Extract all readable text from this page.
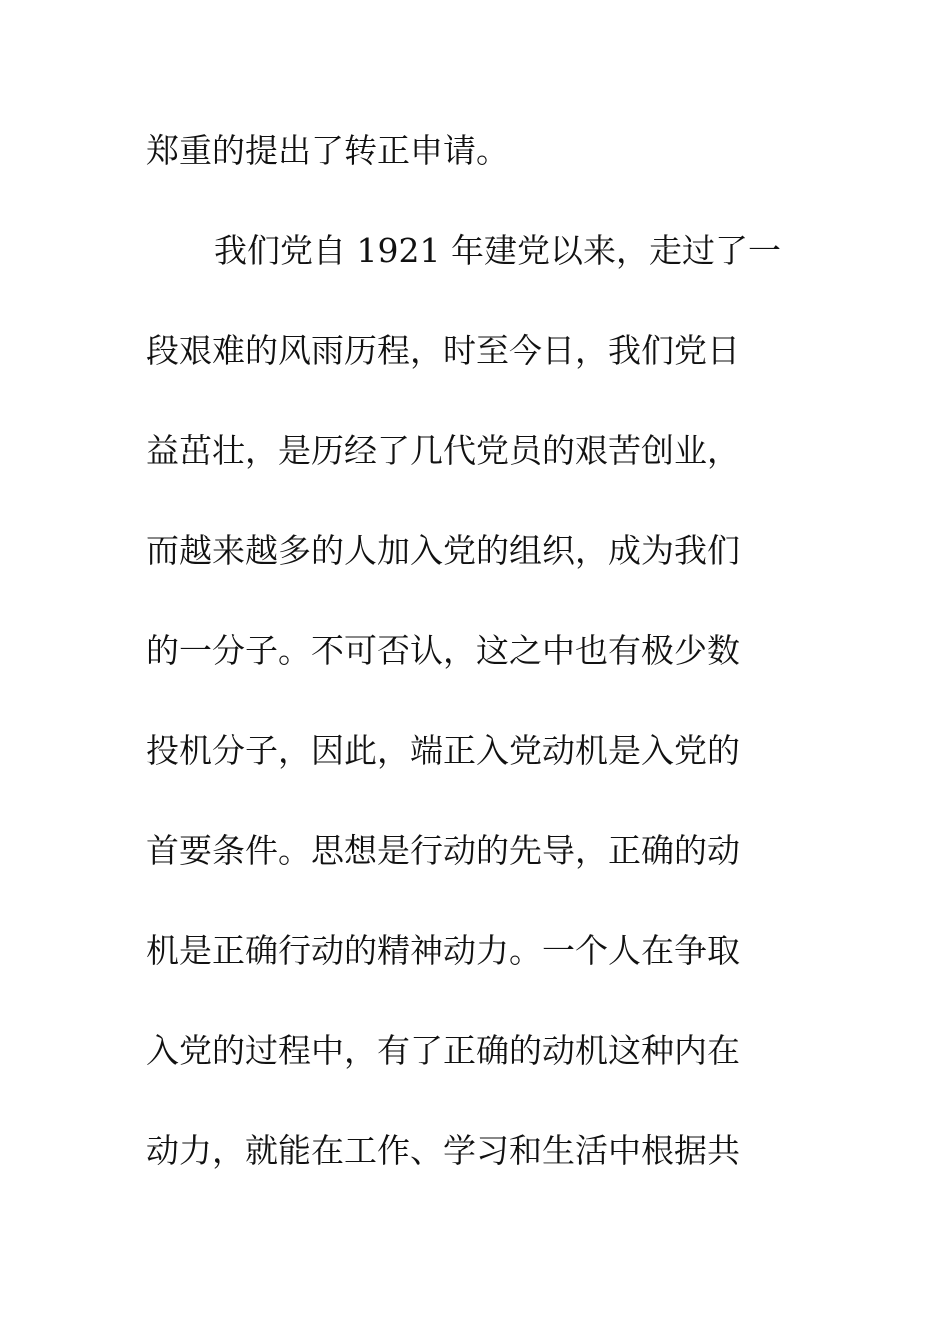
郑重的提出了转正申请。
我们党自 1921 年建党以来，走过了一
段艰难的风雨历程，时至今日，我们党日
益茁壮，是历经了几代党员的艰苦创业，
而越来越多的人加入党的组织，成为我们
的一分子。不可否认，这之中也有极少数
投机分子，因此，端正入党动机是入党的
首要条件。思想是行动的先导，正确的动
机是正确行动的精神动力。一个人在争取
入党的过程中，有了正确的动机这种内在
动力，就能在工作、学习和生活中根据共
